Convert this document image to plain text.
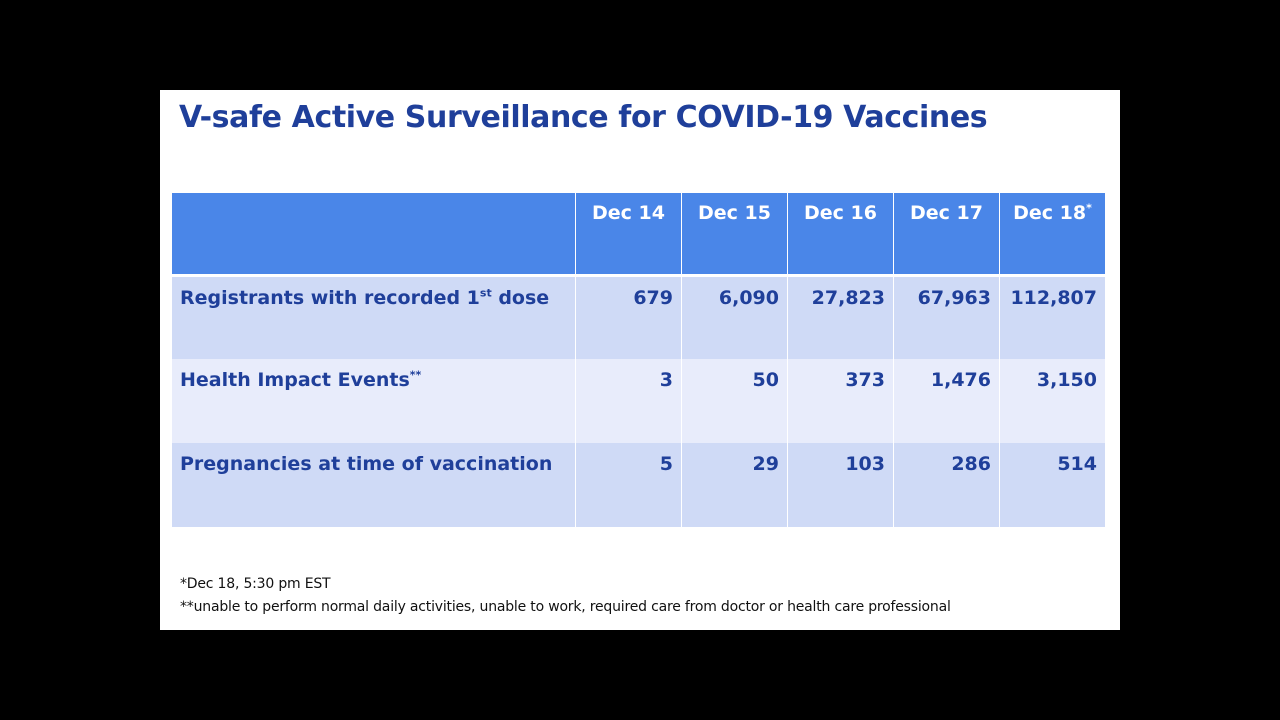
V-safe Active Surveillance for COVID-19 Vaccines
	Dec 14	Dec 15	Dec 16	Dec 17	Dec 18*
Registrants with recorded 1st dose	679	6,090	27,823	67,963	112,807
Health Impact Events**	3	50	373	1,476	3,150
Pregnancies at time of vaccination	5	29	103	286	514
*Dec 18, 5:30 pm EST
**unable to perform normal daily activities, unable to work, required care from doctor or health care professional
